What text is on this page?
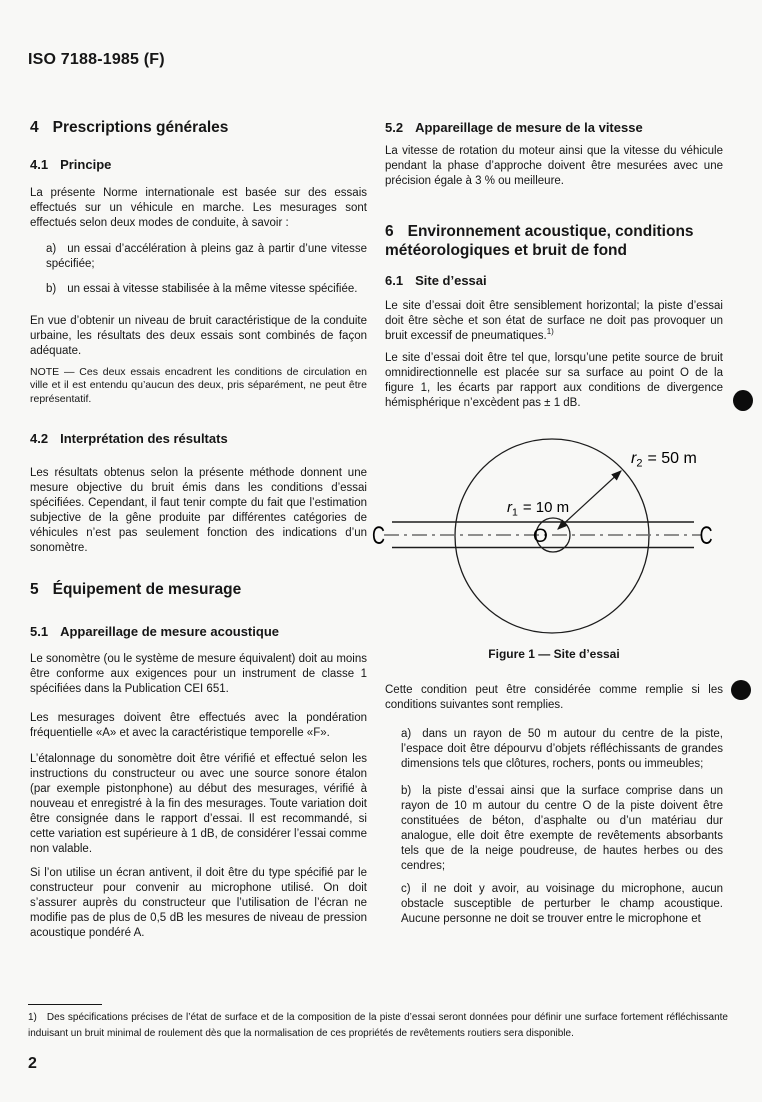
ISO 7188-1985 (F)
4 Prescriptions générales
4.1 Principe

La présente Norme internationale est basée sur des essais effectués sur un véhicule en marche. Les mesurages sont effectués selon deux modes de conduite, à savoir :

a) un essai d’accélération à pleins gaz à partir d’une vitesse spécifiée;
b) un essai à vitesse stabilisée à la même vitesse spécifiée.

En vue d’obtenir un niveau de bruit caractéristique de la conduite urbaine, les résultats des deux essais sont combinés de façon adéquate.

NOTE — Ces deux essais encadrent les conditions de circulation en ville et il est entendu qu’aucun des deux, pris séparément, ne peut être représentatif.

4.2 Interprétation des résultats

Les résultats obtenus selon la présente méthode donnent une mesure objective du bruit émis dans les conditions d’essai spécifiées. Cependant, il faut tenir compte du fait que l’estimation subjective de la gêne produite par différentes catégories de véhicules n’est pas seulement fonction des indications d’un sonomètre.

5 Équipement de mesurage
5.1 Appareillage de mesure acoustique

Le sonomètre (ou le système de mesure équivalent) doit au moins être conforme aux exigences pour un instrument de classe 1 spécifiées dans la Publication CEI 651.

Les mesurages doivent être effectués avec la pondération fréquentielle «A» et avec la caractéristique temporelle «F».

L’étalonnage du sonomètre doit être vérifié et effectué selon les instructions du constructeur ou avec une source sonore étalon (par exemple pistonphone) au début des mesurages, vérifié à nouveau et enregistré à la fin des mesurages. Toute variation doit être consignée dans le rapport d’essai. Il est recommandé, si cette variation est supérieure à 1 dB, de considérer l’essai comme non valable.

Si l’on utilise un écran antivent, il doit être du type spécifié par le constructeur pour convenir au microphone utilisé. On doit s’assurer auprès du constructeur que l’utilisation de l’écran ne modifie pas de plus de 0,5 dB les mesures de niveau de pression acoustique pondéré A.

5.2 Appareillage de mesure de la vitesse

La vitesse de rotation du moteur ainsi que la vitesse du véhicule pendant la phase d’approche doivent être mesurées avec une précision égale à 3 % ou meilleure.

6 Environnement acoustique, conditions météorologiques et bruit de fond
6.1 Site d’essai

Le site d’essai doit être sensiblement horizontal; la piste d’essai doit être sèche et son état de surface ne doit pas provoquer un bruit excessif de pneumatiques.$^{1)}$

Le site d’essai doit être tel que, lorsqu’une petite source de bruit omnidirectionnelle est placée sur sa surface au point O de la figure 1, les écarts par rapport aux conditions de divergence hémisphérique n’excèdent pas ± 1 dB.

$r_1 = 10$ m
$r_2 = 50$ m
O
C	C
Figure 1 — Site d’essai

Cette condition peut être considérée comme remplie si les conditions suivantes sont remplies.

a) dans un rayon de 50 m autour du centre de la piste, l’espace doit être dépourvu d’objets réfléchissants de grandes dimensions tels que clôtures, rochers, ponts ou immeubles;
b) la piste d’essai ainsi que la surface comprise dans un rayon de 10 m autour du centre O de la piste doivent être constituées de béton, d’asphalte ou d’un matériau dur analogue, elle doit être exempte de revêtements absorbants tels que de la neige poudreuse, de hautes herbes ou des cendres;
c) il ne doit y avoir, au voisinage du microphone, aucun obstacle susceptible de perturber le champ acoustique. Aucune personne ne doit se trouver entre le microphone et
1) Des spécifications précises de l’état de surface et de la composition de la piste d’essai seront données pour définir une surface fortement réfléchissante induisant un bruit minimal de roulement dès que la normalisation de ces propriétés de revêtements routiers sera disponible.
2
